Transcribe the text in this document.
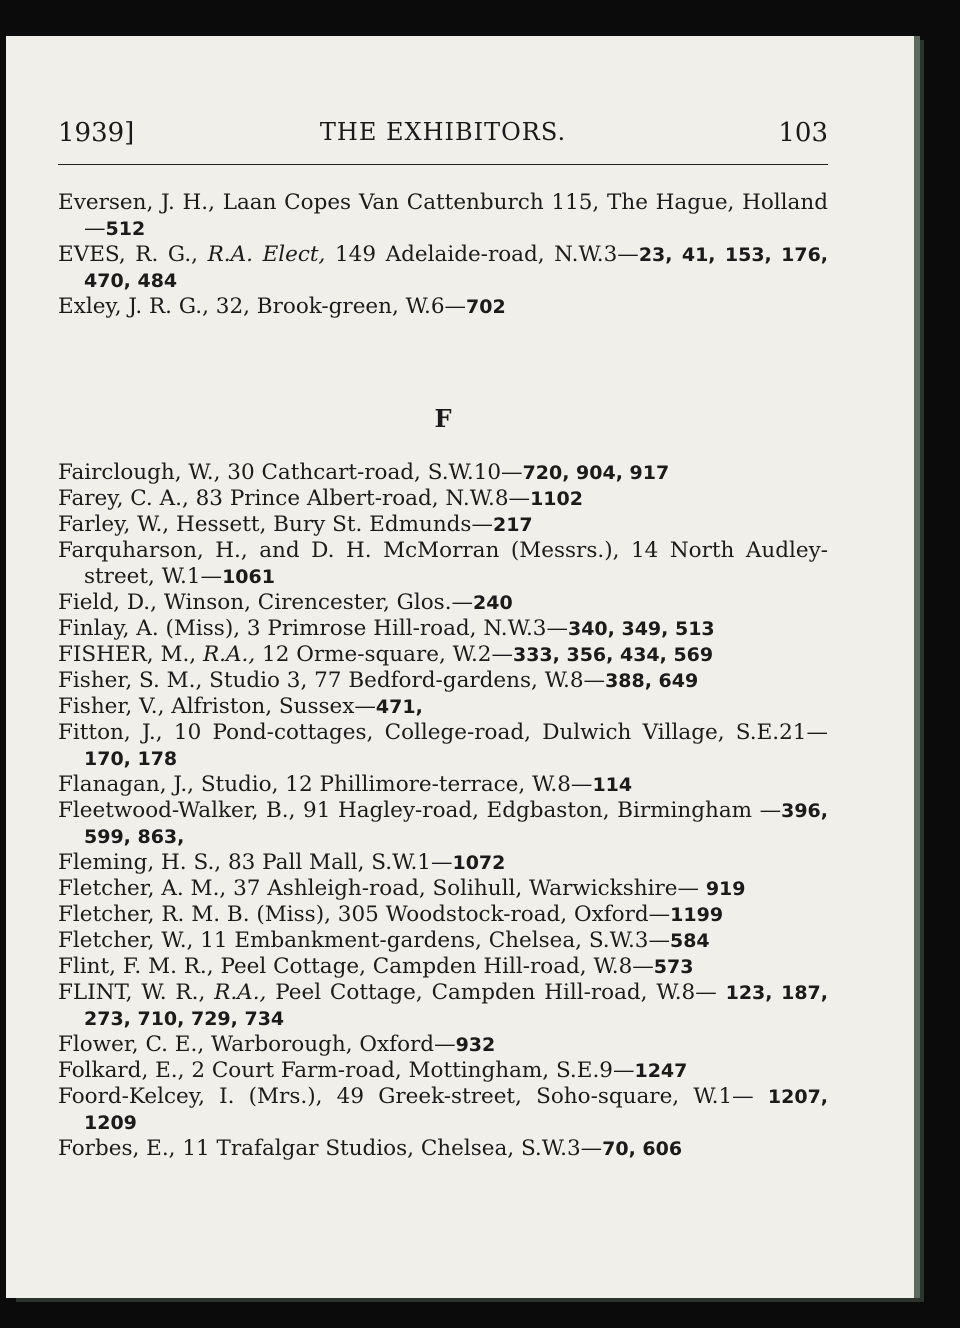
1939]	THE EXHIBITORS.	103
Eversen, J. H., Laan Copes Van Cattenburch 115, The Hague, Holland—512
EVES, R. G., R.A. Elect, 149 Adelaide-road, N.W.3—23, 41, 153, 176, 470, 484
Exley, J. R. G., 32, Brook-green, W.6—702
F
Fairclough, W., 30 Cathcart-road, S.W.10—720, 904, 917
Farey, C. A., 83 Prince Albert-road, N.W.8—1102
Farley, W., Hessett, Bury St. Edmunds—217
Farquharson, H., and D. H. McMorran (Messrs.), 14 North Audley-street, W.1—1061
Field, D., Winson, Cirencester, Glos.—240
Finlay, A. (Miss), 3 Primrose Hill-road, N.W.3—340, 349, 513
FISHER, M., R.A., 12 Orme-square, W.2—333, 356, 434, 569
Fisher, S. M., Studio 3, 77 Bedford-gardens, W.8—388, 649
Fisher, V., Alfriston, Sussex—471,
Fitton, J., 10 Pond-cottages, College-road, Dulwich Village, S.E.21—170, 178
Flanagan, J., Studio, 12 Phillimore-terrace, W.8—114
Fleetwood-Walker, B., 91 Hagley-road, Edgbaston, Birmingham —396, 599, 863,
Fleming, H. S., 83 Pall Mall, S.W.1—1072
Fletcher, A. M., 37 Ashleigh-road, Solihull, Warwickshire— 919
Fletcher, R. M. B. (Miss), 305 Woodstock-road, Oxford—1199
Fletcher, W., 11 Embankment-gardens, Chelsea, S.W.3—584
Flint, F. M. R., Peel Cottage, Campden Hill-road, W.8—573
FLINT, W. R., R.A., Peel Cottage, Campden Hill-road, W.8— 123, 187, 273, 710, 729, 734
Flower, C. E., Warborough, Oxford—932
Folkard, E., 2 Court Farm-road, Mottingham, S.E.9—1247
Foord-Kelcey, I. (Mrs.), 49 Greek-street, Soho-square, W.1— 1207, 1209
Forbes, E., 11 Trafalgar Studios, Chelsea, S.W.3—70, 606
